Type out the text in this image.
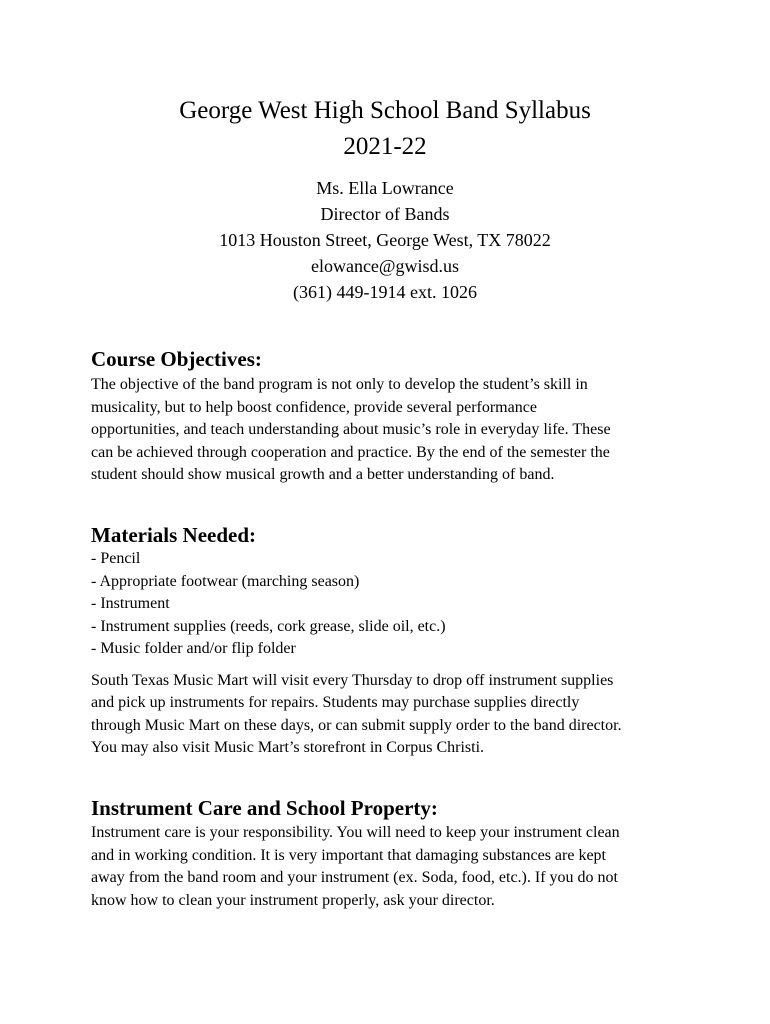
George West High School Band Syllabus
2021-22
Ms. Ella Lowrance
Director of Bands
1013 Houston Street, George West, TX 78022
elowance@gwisd.us
(361) 449-1914 ext. 1026
Course Objectives:

The objective of the band program is not only to develop the student’s skill in
musicality, but to help boost confidence, provide several performance
opportunities, and teach understanding about music’s role in everyday life. These
can be achieved through cooperation and practice. By the end of the semester the
student should show musical growth and a better understanding of band.

Materials Needed:
- Pencil
- Appropriate footwear (marching season)
- Instrument
- Instrument supplies (reeds, cork grease, slide oil, etc.)
- Music folder and/or flip folder

South Texas Music Mart will visit every Thursday to drop off instrument supplies
and pick up instruments for repairs. Students may purchase supplies directly
through Music Mart on these days, or can submit supply order to the band director.
You may also visit Music Mart’s storefront in Corpus Christi.

Instrument Care and School Property:

Instrument care is your responsibility. You will need to keep your instrument clean
and in working condition. It is very important that damaging substances are kept
away from the band room and your instrument (ex. Soda, food, etc.). If you do not
know how to clean your instrument properly, ask your director.
